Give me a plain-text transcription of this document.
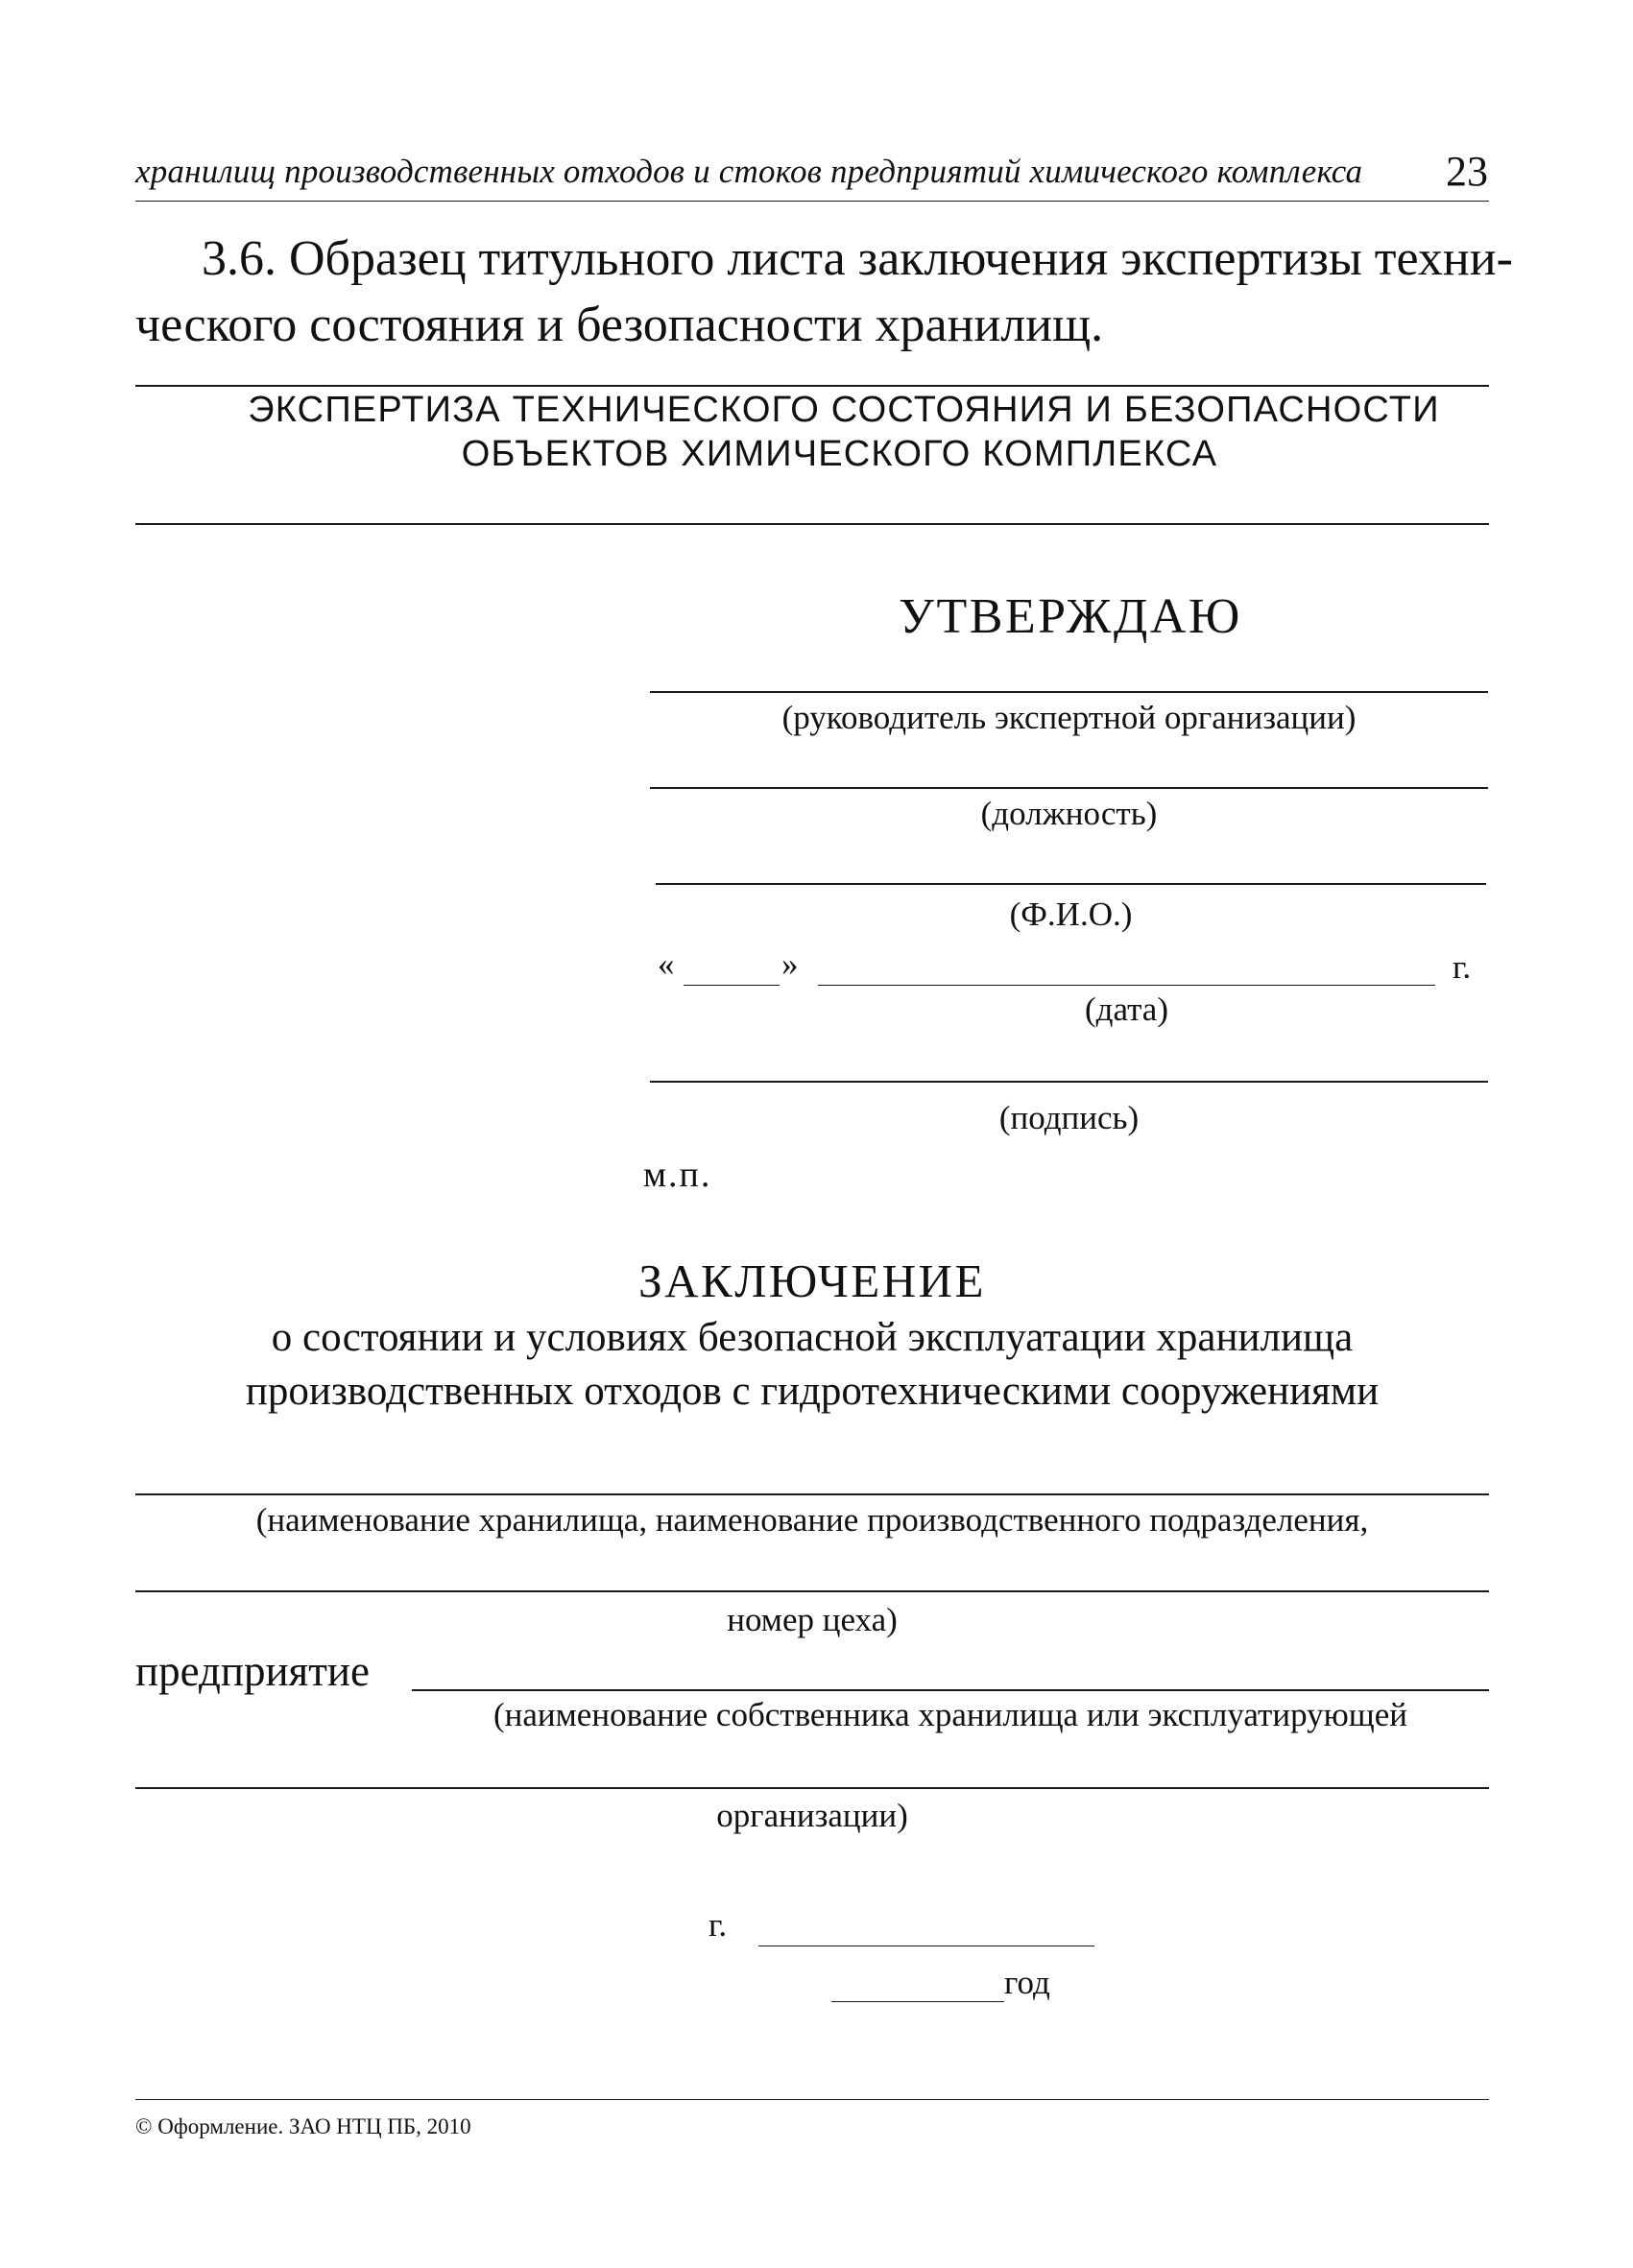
хранилищ производственных отходов и стоков предприятий химического комплекса	23
3.6. Образец титульного листа заключения экспертизы техни-
ческого состояния и безопасности хранилищ.
ЭКСПЕРТИЗА ТЕХНИЧЕСКОГО СОСТОЯНИЯ И БЕЗОПАСНОСТИ
ОБЪЕКТОВ ХИМИЧЕСКОГО КОМПЛЕКСА
УТВЕРЖДАЮ
(руководитель экспертной организации)
(должность)
(Ф.И.О.)
«	»	г.
(дата)
(подпись)
м.п.
ЗАКЛЮЧЕНИЕ
о состоянии и условиях безопасной эксплуатации хранилища
производственных отходов с гидротехническими сооружениями
(наименование хранилища, наименование производственного подразделения,
номер цеха)
предприятие
(наименование собственника хранилища или эксплуатирующей
организации)
г.
год
© Оформление. ЗАО НТЦ ПБ, 2010
